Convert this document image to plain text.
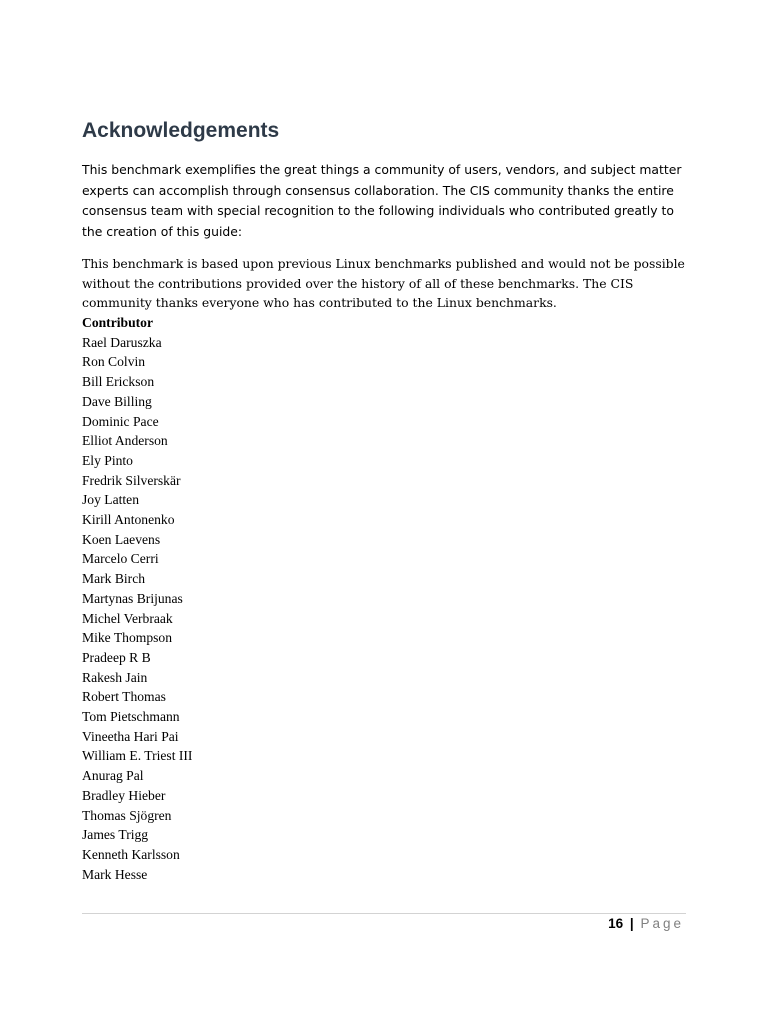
Acknowledgements

This benchmark exemplifies the great things a community of users, vendors, and subject matter experts can accomplish through consensus collaboration. The CIS community thanks the entire consensus team with special recognition to the following individuals who contributed greatly to the creation of this guide:

This benchmark is based upon previous Linux benchmarks published and would not be possible without the contributions provided over the history of all of these benchmarks. The CIS community thanks everyone who has contributed to the Linux benchmarks.

Contributor
Rael Daruszka
Ron Colvin
Bill Erickson
Dave Billing
Dominic Pace
Elliot Anderson
Ely Pinto
Fredrik Silverskär
Joy Latten
Kirill Antonenko
Koen Laevens
Marcelo Cerri
Mark Birch
Martynas Brijunas
Michel Verbraak
Mike Thompson
Pradeep R B
Rakesh Jain
Robert Thomas
Tom Pietschmann
Vineetha Hari Pai
William E. Triest III
Anurag Pal
Bradley Hieber
Thomas Sjögren
James Trigg
Kenneth Karlsson
Mark Hesse
16 | Page
